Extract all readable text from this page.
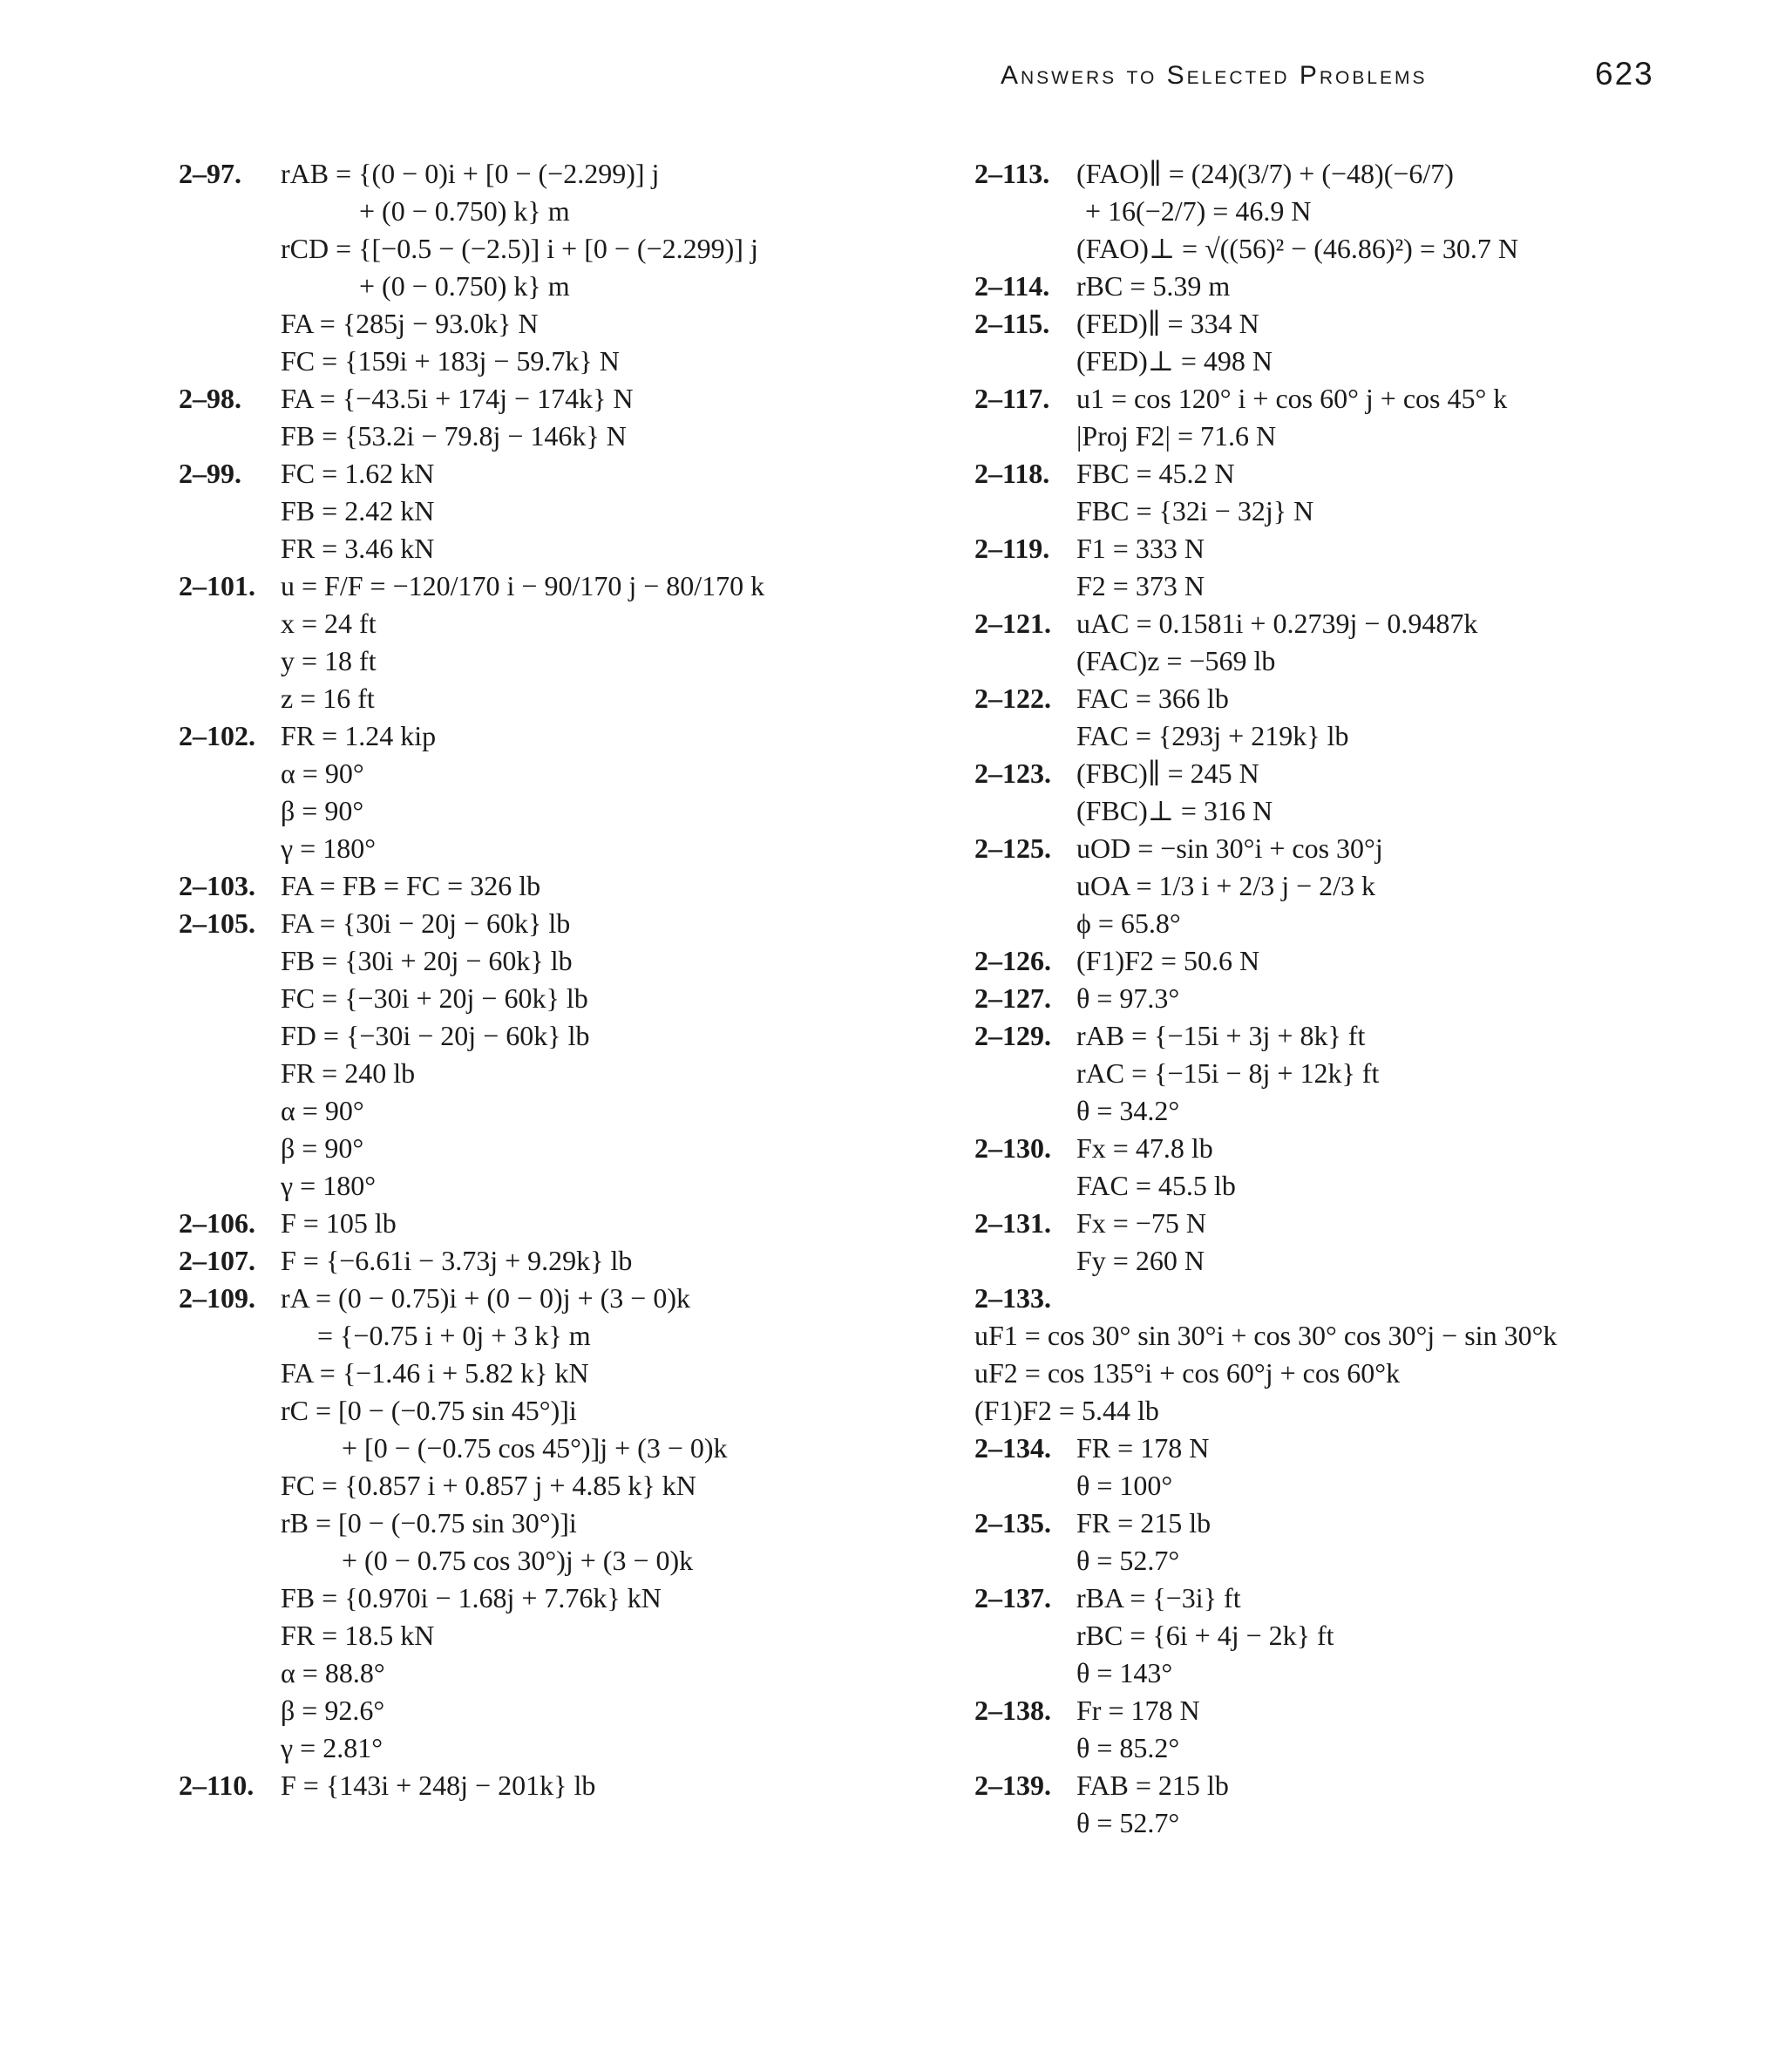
Answers to Selected Problems	623
2–97.	rAB = {(0 − 0)i + [0 − (−2.299)] j
+ (0 − 0.750) k} m
rCD = {[−0.5 − (−2.5)] i + [0 − (−2.299)] j
+ (0 − 0.750) k} m
FA = {285j − 93.0k} N
FC = {159i + 183j − 59.7k} N
2–98.	FA = {−43.5i + 174j − 174k} N
FB = {53.2i − 79.8j − 146k} N
2–99.	FC = 1.62 kN
FB = 2.42 kN
FR = 3.46 kN
2–101. u = F/F = −120/170 i − 90/170 j − 80/170 k
x = 24 ft
y = 18 ft
z = 16 ft
2–102. FR = 1.24 kip
α = 90°
β = 90°
γ = 180°
2–103. FA = FB = FC = 326 lb
2–105. FA = {30i − 20j − 60k} lb
FB = {30i + 20j − 60k} lb
FC = {−30i + 20j − 60k} lb
FD = {−30i − 20j − 60k} lb
FR = 240 lb
α = 90°
β = 90°
γ = 180°
2–106. F = 105 lb
2–107. F = {−6.61i − 3.73j + 9.29k} lb
2–109. rA = (0 − 0.75)i + (0 − 0)j + (3 − 0)k
= {−0.75 i + 0j + 3 k} m
FA = {−1.46 i + 5.82 k} kN
rC = [0 − (−0.75 sin 45°)]i
+ [0 − (−0.75 cos 45°)]j + (3 − 0)k
FC = {0.857 i + 0.857 j + 4.85 k} kN
rB = [0 − (−0.75 sin 30°)]i
+ (0 − 0.75 cos 30°)j + (3 − 0)k
FB = {0.970i − 1.68j + 7.76k} kN
FR = 18.5 kN
α = 88.8°
β = 92.6°
γ = 2.81°
2–110. F = {143i + 248j − 201k} lb
2–113. (FAO)∥ = (24)(3/7) + (−48)(−6/7)
+ 16(−2/7) = 46.9 N
(FAO)⊥ = √((56)² − (46.86)²) = 30.7 N
2–114. rBC = 5.39 m
2–115. (FED)∥ = 334 N
(FED)⊥ = 498 N
2–117. u1 = cos 120° i + cos 60° j + cos 45° k
|Proj F2| = 71.6 N
2–118. FBC = 45.2 N
FBC = {32i − 32j} N
2–119. F1 = 333 N
F2 = 373 N
2–121. uAC = 0.1581i + 0.2739j − 0.9487k
(FAC)z = −569 lb
2–122. FAC = 366 lb
FAC = {293j + 219k} lb
2–123. (FBC)∥ = 245 N
(FBC)⊥ = 316 N
2–125. uOD = −sin 30°i + cos 30°j
uOA = 1/3 i + 2/3 j − 2/3 k
ϕ = 65.8°
2–126. (F1)F2 = 50.6 N
2–127. θ = 97.3°
2–129. rAB = {−15i + 3j + 8k} ft
rAC = {−15i − 8j + 12k} ft
θ = 34.2°
2–130. Fx = 47.8 lb
FAC = 45.5 lb
2–131. Fx = −75 N
Fy = 260 N
2–133.
uF1 = cos 30° sin 30°i + cos 30° cos 30°j − sin 30°k
uF2 = cos 135°i + cos 60°j + cos 60°k
(F1)F2 = 5.44 lb
2–134. FR = 178 N
θ = 100°
2–135. FR = 215 lb
θ = 52.7°
2–137. rBA = {−3i} ft
rBC = {6i + 4j − 2k} ft
θ = 143°
2–138. Fr = 178 N
θ = 85.2°
2–139. FAB = 215 lb
θ = 52.7°
